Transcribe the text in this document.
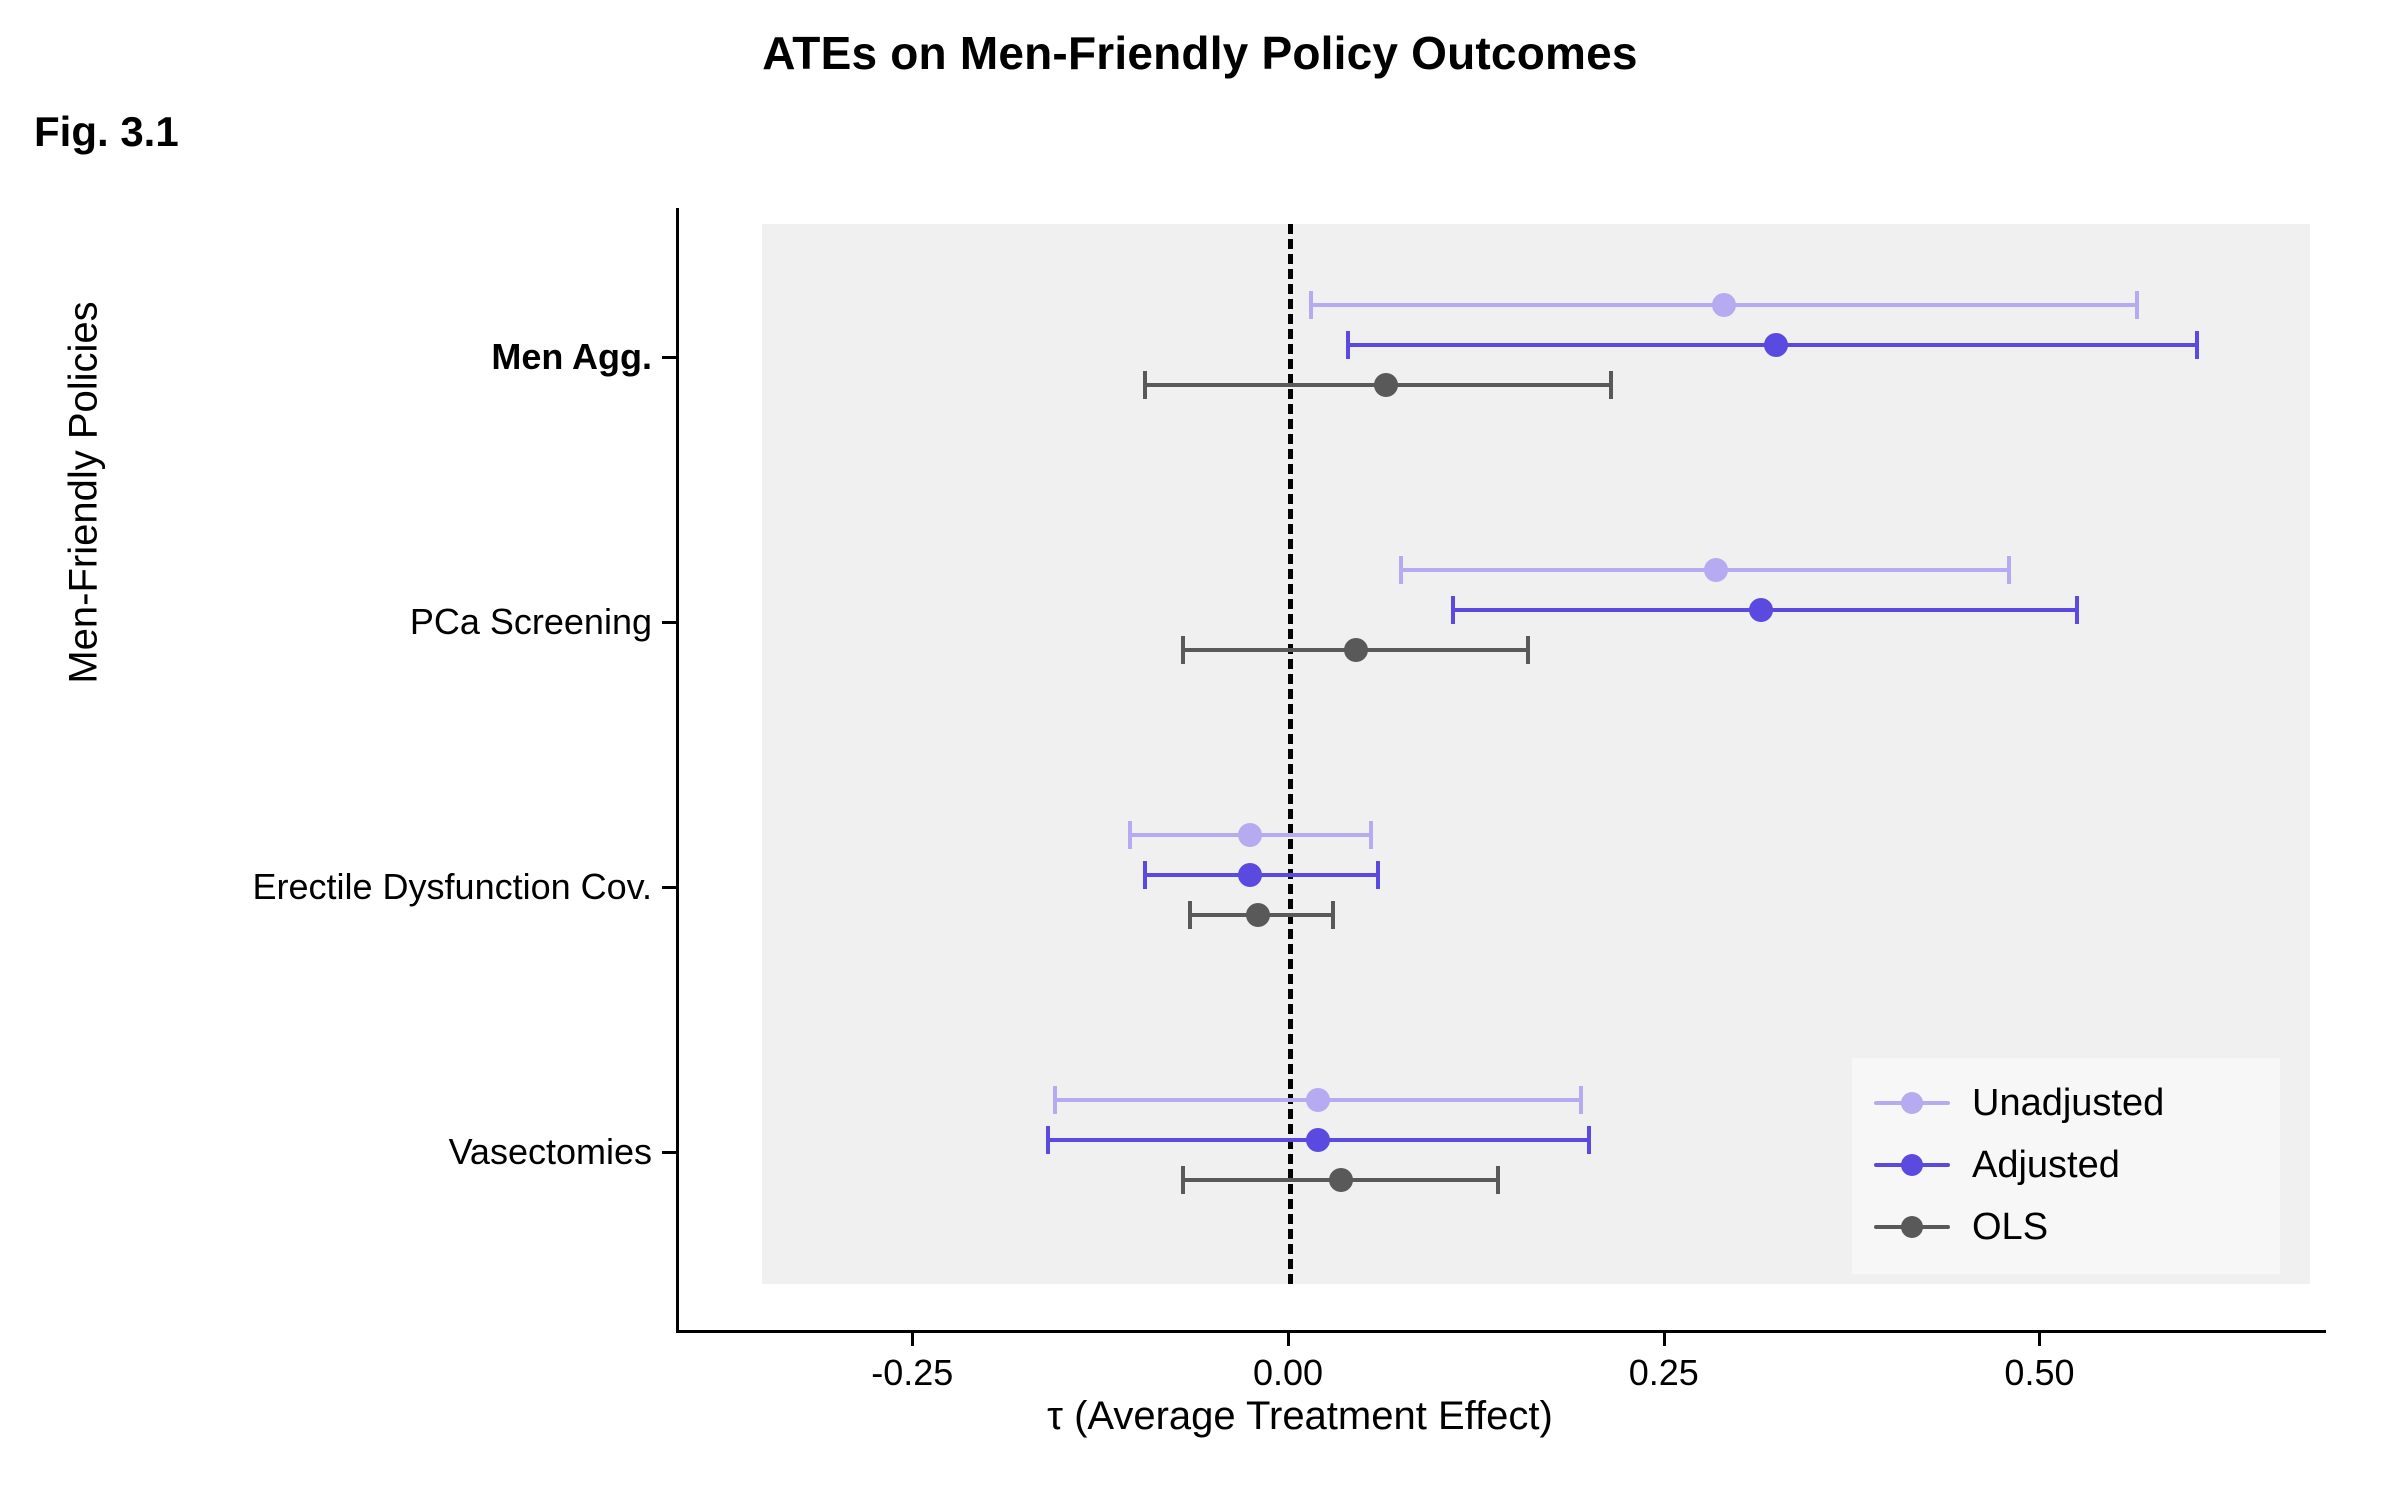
ATEs on Men-Friendly Policy Outcomes
Fig. 3.1
Men-Friendly Policies
τ (Average Treatment Effect)
Men Agg.
PCa Screening
Erectile Dysfunction Cov.
Vasectomies
-0.25	0.00	0.25	0.50
Unadjusted
Adjusted
OLS
